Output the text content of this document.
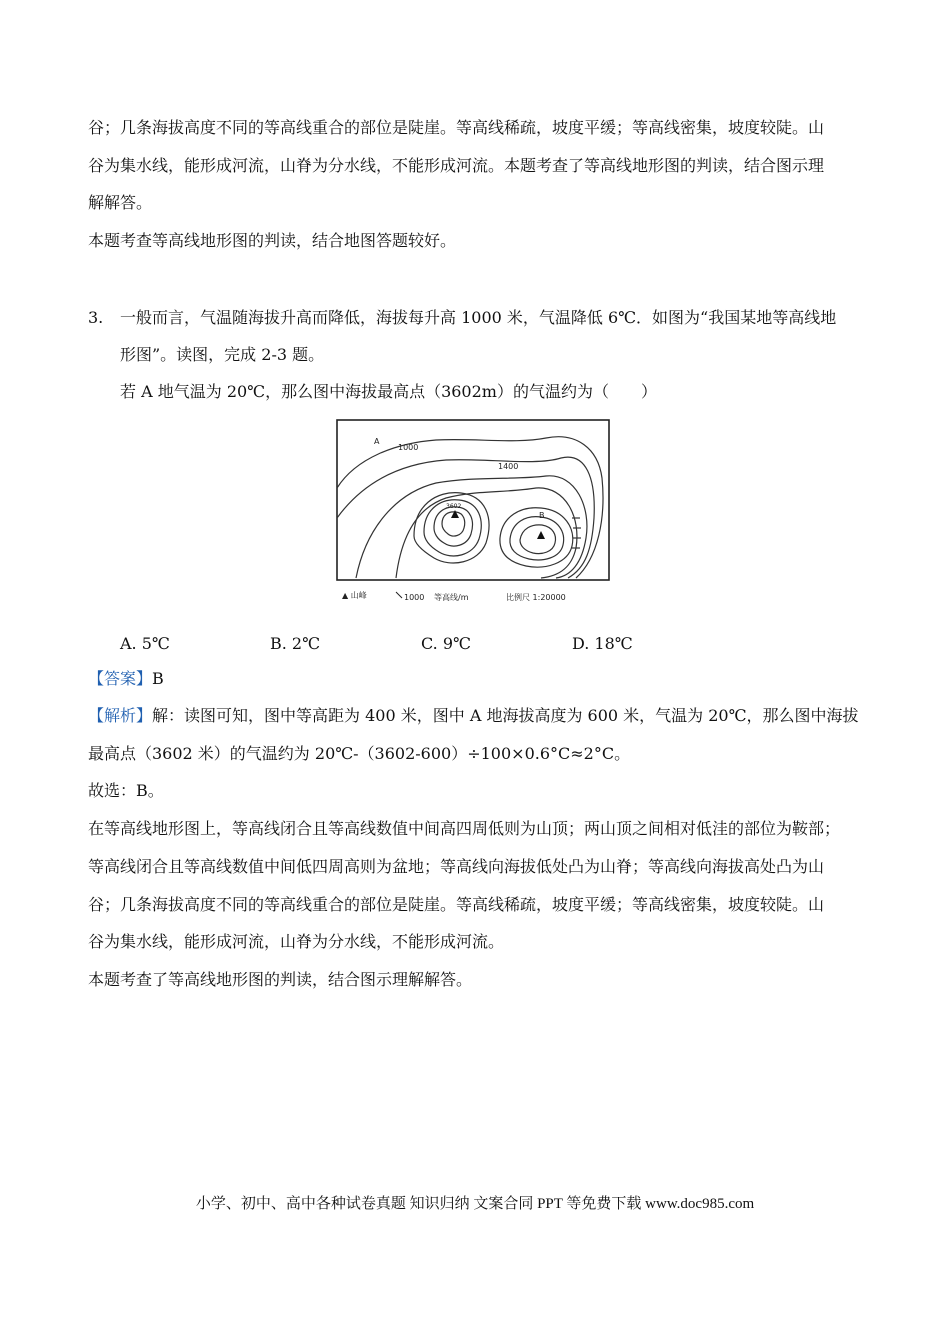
谷；几条海拔高度不同的等高线重合的部位是陡崖。等高线稀疏，坡度平缓；等高线密集，坡度较陡。山
谷为集水线，能形成河流，山脊为分水线，不能形成河流。本题考查了等高线地形图的判读，结合图示理
解解答。
本题考查等高线地形图的判读，结合地图答题较好。
3. 一般而言，气温随海拔升高而降低，海拔每升高 1000 米，气温降低 6℃．如图为“我国某地等高线地
形图”。读图，完成 2-3 题。
若 A 地气温为 20℃，那么图中海拔最高点（3602m）的气温约为（　　）
A
1000
1400
3602
B
▲ 山峰	1000 等高线/m	比例尺 1:20000
A. 5℃	B. 2℃	C. 9℃	D. 18℃
【答案】B
【解析】解：读图可知，图中等高距为 400 米，图中 A 地海拔高度为 600 米，气温为 20℃，那么图中海拔
最高点（3602 米）的气温约为 20℃-（3602-600）÷100×0.6°C≈2°C。
故选：B。
在等高线地形图上，等高线闭合且等高线数值中间高四周低则为山顶；两山顶之间相对低洼的部位为鞍部；
等高线闭合且等高线数值中间低四周高则为盆地；等高线向海拔低处凸为山脊；等高线向海拔高处凸为山
谷；几条海拔高度不同的等高线重合的部位是陡崖。等高线稀疏，坡度平缓；等高线密集，坡度较陡。山
谷为集水线，能形成河流，山脊为分水线，不能形成河流。
本题考查了等高线地形图的判读，结合图示理解解答。
小学、初中、高中各种试卷真题 知识归纳 文案合同 PPT 等免费下载 www.doc985.com
